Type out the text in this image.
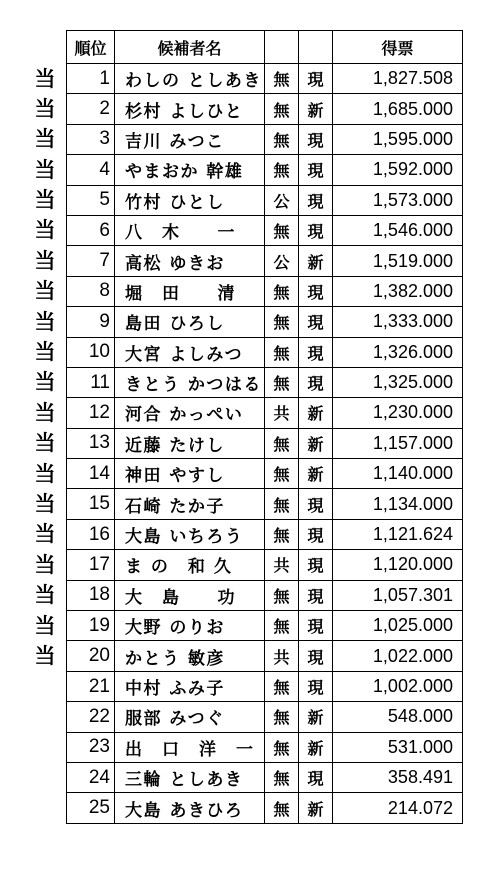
当
当
当
当
当
当
当
当
当
当
当
当
当
当
当
当
当
当
当
当
順位	候補者名			得票
1	わしの としあき	無	現	1,827.508
2	杉村 よしひと	無	新	1,685.000
3	吉川 みつこ	無	現	1,595.000
4	やまおか 幹雄	無	現	1,592.000
5	竹村 ひとし	公	現	1,573.000
6	八　木　　一	無	現	1,546.000
7	高松 ゆきお	公	新	1,519.000
8	堀　田　　清	無	現	1,382.000
9	島田 ひろし	無	現	1,333.000
10	大宮 よしみつ	無	現	1,326.000
11	きとう かつはる	無	現	1,325.000
12	河合 かっぺい	共	新	1,230.000
13	近藤 たけし	無	新	1,157.000
14	神田 やすし	無	新	1,140.000
15	石崎 たか子	無	現	1,134.000
16	大島 いちろう	無	現	1,121.624
17	ま の　和 久	共	現	1,120.000
18	大　島　　功	無	現	1,057.301
19	大野 のりお	無	現	1,025.000
20	かとう 敏彦	共	現	1,022.000
21	中村 ふみ子	無	現	1,002.000
22	服部 みつぐ	無	新	548.000
23	出　口　洋　一	無	新	531.000
24	三輪 としあき	無	現	358.491
25	大島 あきひろ	無	新	214.072
